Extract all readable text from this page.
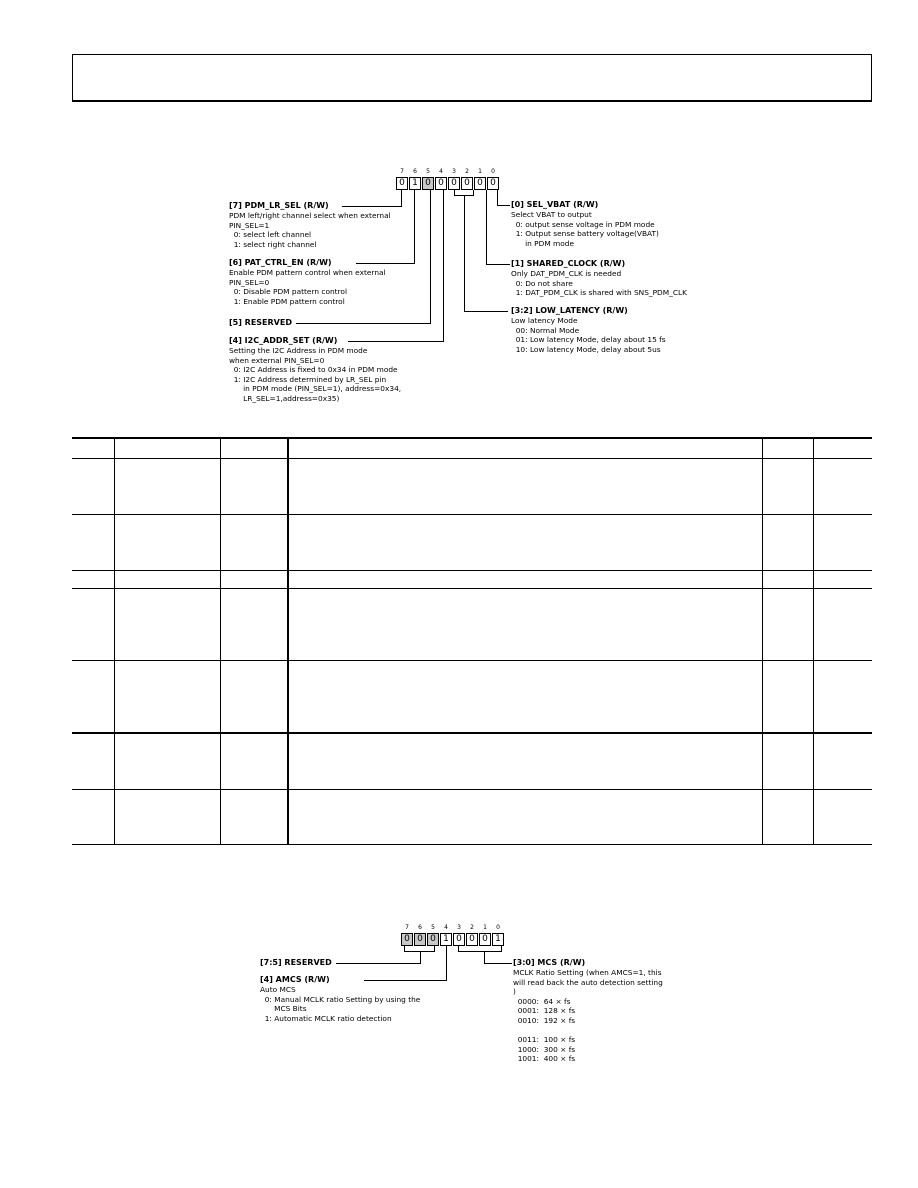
7	6	5	4	3	2	1	0
0 1 0 0 0 0 0 0
[7] PDM_LR_SEL (R/W)
PDM left/right channel select when external
PIN_SEL=1
0: select left channel
1: select right channel
[6] PAT_CTRL_EN (R/W)
Enable PDM pattern control when external
PIN_SEL=0
0: Disable PDM pattern control
1: Enable PDM pattern control
[5] RESERVED
[4] I2C_ADDR_SET (R/W)
Setting the I2C Address in PDM mode
when external PIN_SEL=0
0: I2C Address is fixed to 0x34 in PDM mode
1: I2C Address determined by LR_SEL pin
in PDM mode (PIN_SEL=1), address=0x34,
LR_SEL=1,address=0x35)
[0] SEL_VBAT (R/W)
Select VBAT to output
0: output sense voltage in PDM mode
1: Output sense battery voltage(VBAT)
in PDM mode
[1] SHARED_CLOCK (R/W)
Only DAT_PDM_CLK is needed
0: Do not share
1: DAT_PDM_CLK is shared with SNS_PDM_CLK
[3:2] LOW_LATENCY (R/W)
Low latency Mode
00: Normal Mode
01: Low latency Mode, delay about 15 fs
10: Low latency Mode, delay about 5us
7	6	5	4	3	2	1	0
0 0 0 1 0 0 0 1
[7:5] RESERVED
[4] AMCS (R/W)
Auto MCS
0: Manual MCLK ratio Setting by using the
MCS Bits
1: Automatic MCLK ratio detection
[3:0] MCS (R/W)
MCLK Ratio Setting (when AMCS=1, this
will read back the auto detection setting
)
0000:  64 × fs
0001:  128 × fs
0010:  192 × fs

0011:  100 × fs
1000:  300 × fs
1001:  400 × fs
